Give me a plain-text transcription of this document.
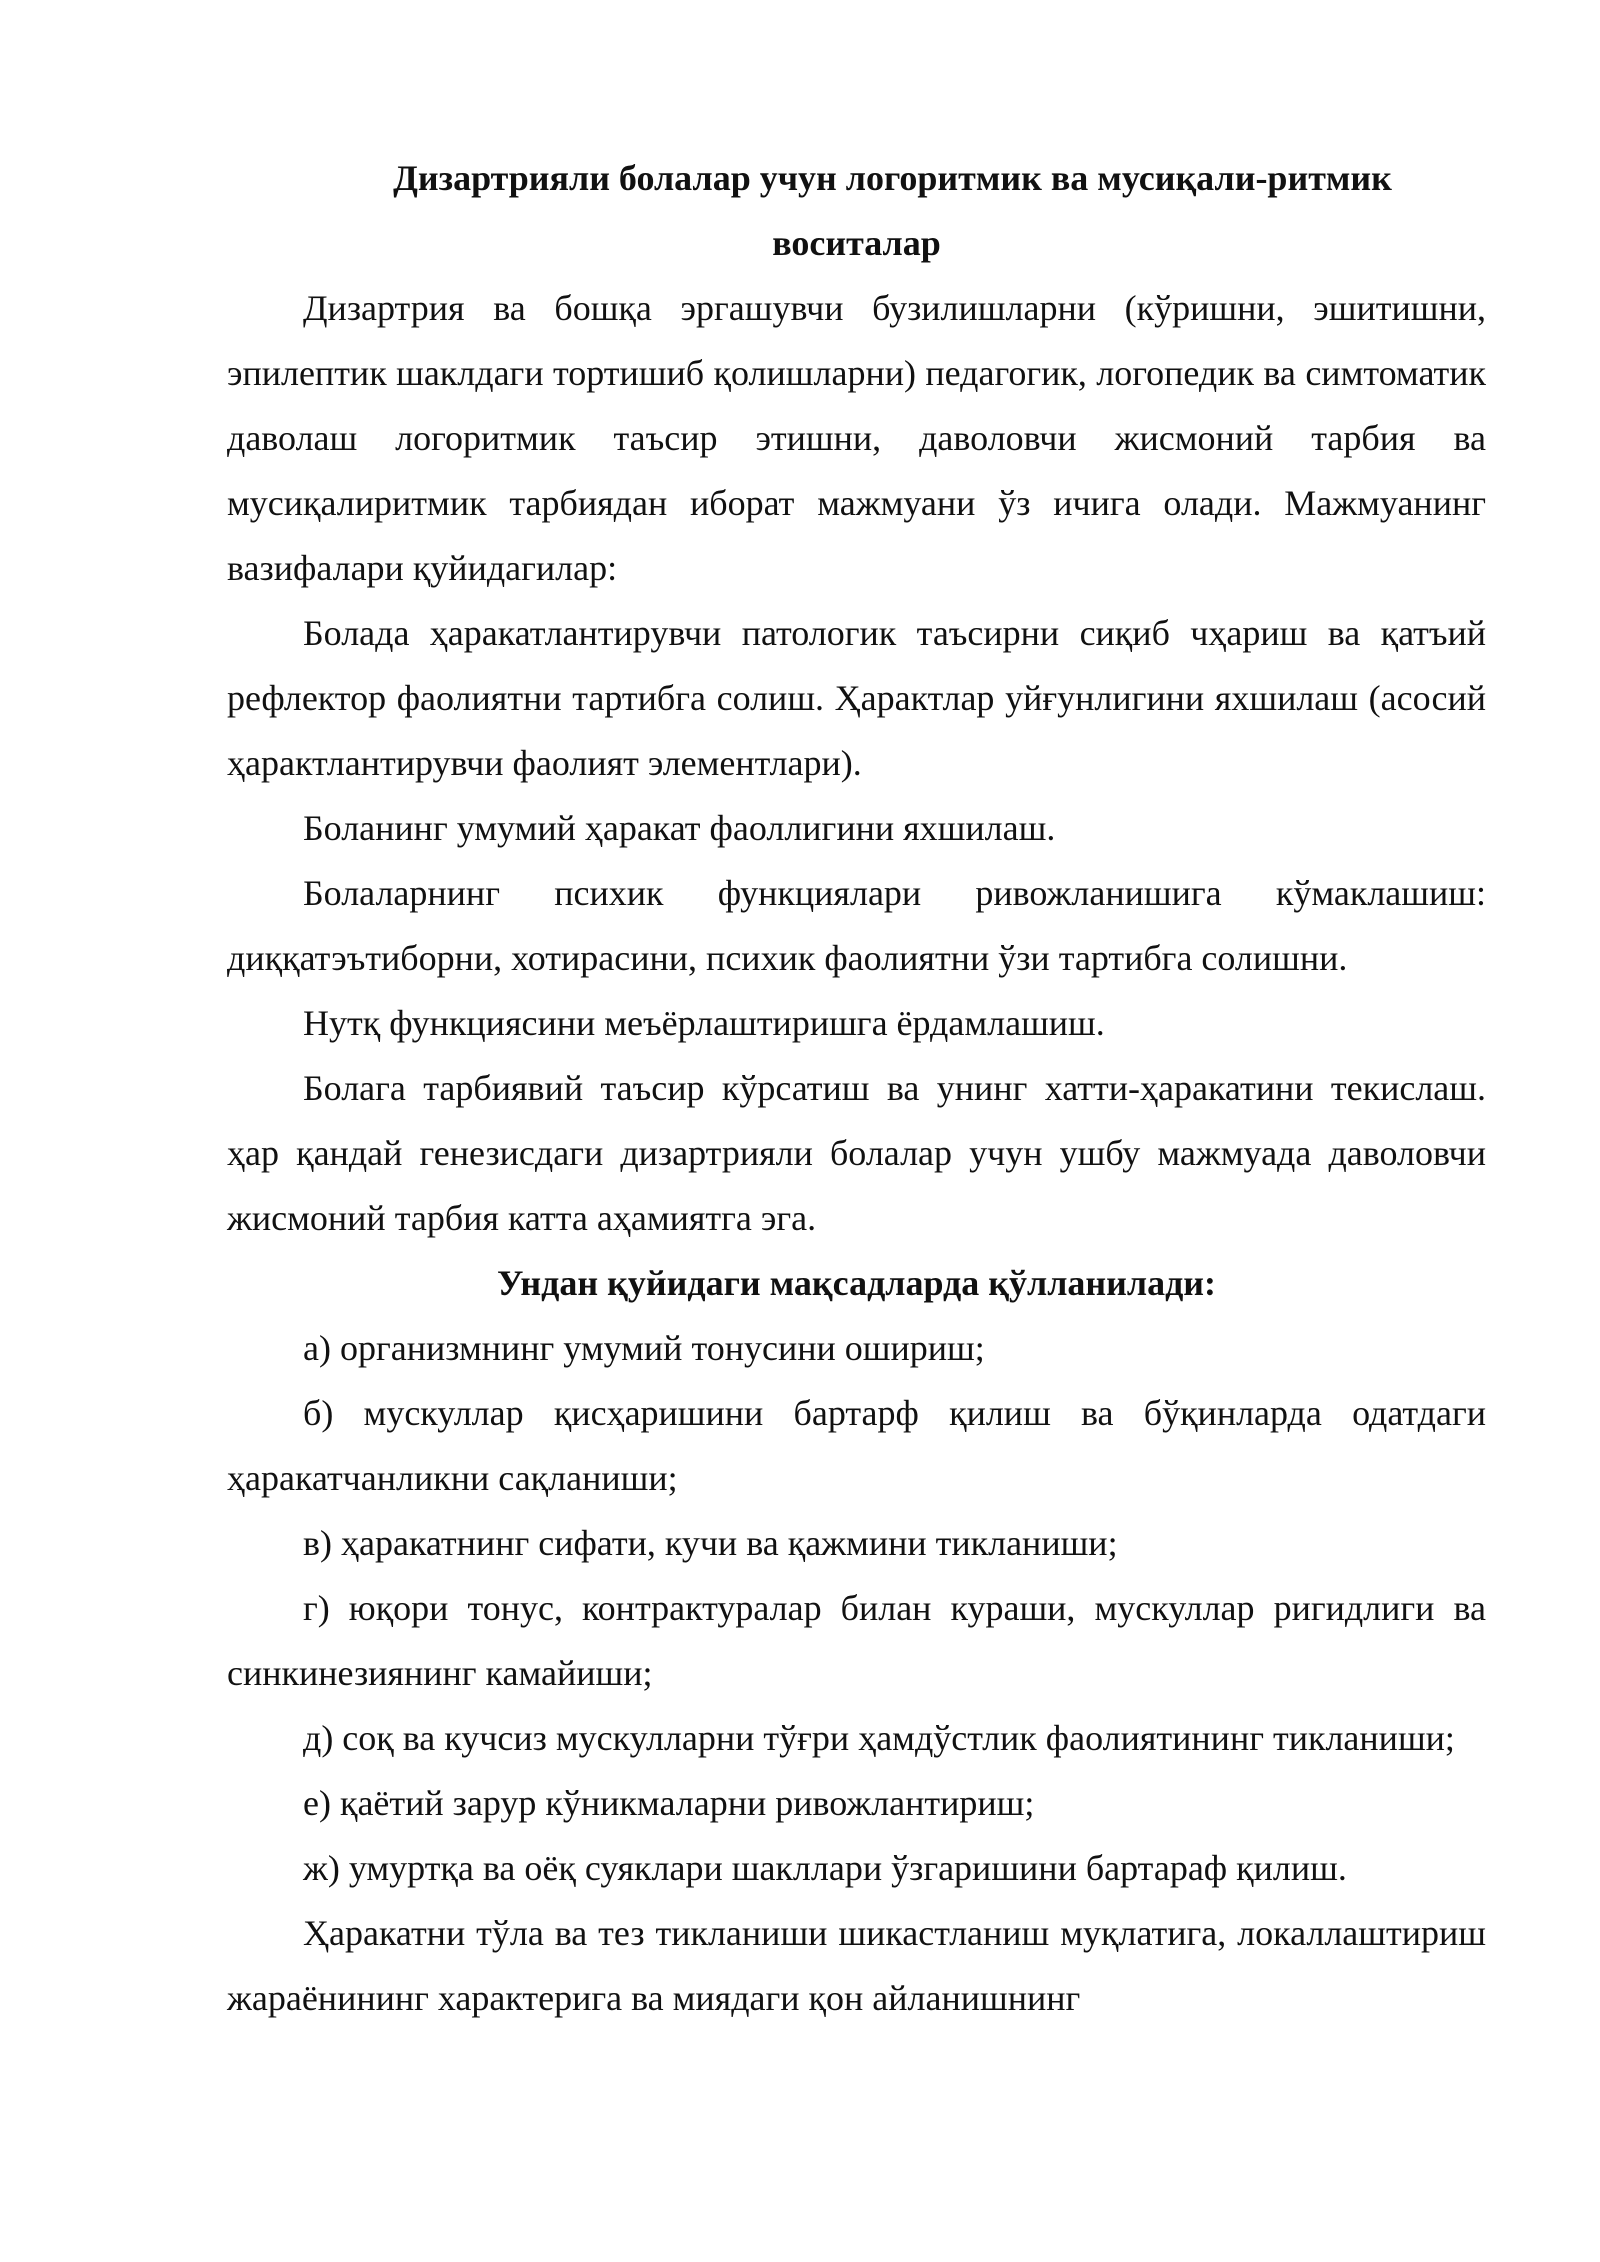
Дизартрияли болалар учун логоритмик ва мусиқали-ритмик
воситалар

Дизартрия ва бошқа эргашувчи бузилишларни (кўришни, эшитишни, эпилептик шаклдаги тортишиб қолишларни) педагогик, логопедик ва симтоматик даволаш логоритмик таъсир этишни, даволовчи жисмоний тарбия ва мусиқалиритмик тарбиядан иборат мажмуани ўз ичига олади. Мажмуанинг вазифалари қуйидагилар:

Болада ҳаракатлантирувчи патологик таъсирни сиқиб чҳариш ва қатъий рефлектор фаолиятни тартибга солиш. Ҳарактлар уйғунлигини яхшилаш (асосий ҳарактлантирувчи фаолият элементлари).

Боланинг умумий ҳаракат фаоллигини яхшилаш.

Болаларнинг психик функциялари ривожланишига кўмаклашиш: диққатэътиборни, хотирасини, психик фаолиятни ўзи тартибга солишни.

Нутқ функциясини меъёрлаштиришга ёрдамлашиш.

Болага тарбиявий таъсир кўрсатиш ва унинг хатти-ҳаракатини текислаш. ҳар қандай генезисдаги дизартрияли болалар учун ушбу мажмуада даволовчи жисмоний тарбия катта аҳамиятга эга.

Ундан қуйидаги мақсадларда қўлланилади:

а) организмнинг умумий тонусини ошириш;

б) мускуллар қисҳаришини бартарф қилиш ва бўқинларда одатдаги ҳаракатчанликни сақланиши;

в) ҳаракатнинг сифати, кучи ва қажмини тикланиши;

г) юқори тонус, контрактуралар билан кураши, мускуллар ригидлиги ва синкинезиянинг камайиши;

д) соқ ва кучсиз мускулларни тўғри ҳамдўстлик фаолиятининг тикланиши;

е) қаётий зарур кўникмаларни ривожлантириш;

ж) умуртқа ва оёқ суяклари шакллари ўзгаришини бартараф қилиш.

Ҳаракатни тўла ва тез тикланиши шикастланиш муқлатига, локаллаштириш жараёнининг характерига ва миядаги қон айланишнинг
